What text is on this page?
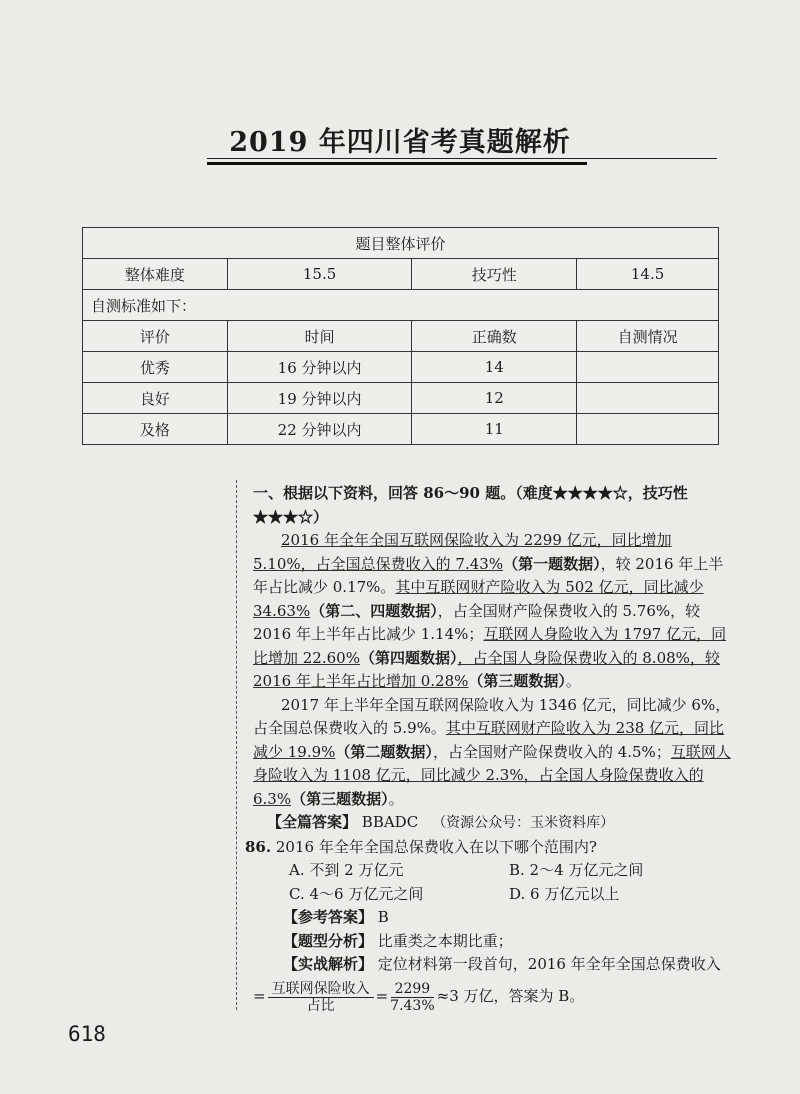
2019 年四川省考真题解析
题目整体评价			
整体难度	15.5	技巧性	14.5
自测标准如下：			
评价	时间	正确数	自测情况
优秀	16 分钟以内	14	
良好	19 分钟以内	12	
及格	22 分钟以内	11	

一、根据以下资料，回答 86～90 题。（难度★★★★☆，技巧性★★★☆）

2016 年全年全国互联网保险收入为 2299 亿元，同比增加5.10%，占全国总保费收入的 7.43%（第一题数据），较 2016 年上半年占比减少 0.17%。其中互联网财产险收入为 502 亿元，同比减少 34.63%（第二、四题数据），占全国财产险保费收入的 5.76%，较 2016 年上半年占比减少 1.14%；互联网人身险收入为 1797 亿元，同比增加 22.60%（第四题数据），占全国人身险保费收入的 8.08%，较 2016 年上半年占比增加 0.28%（第三题数据）。

2017 年上半年全国互联网保险收入为 1346 亿元，同比减少 6%，占全国总保费收入的 5.9%。其中互联网财产险收入为 238 亿元，同比减少 19.9%（第二题数据），占全国财产险保费收入的 4.5%；互联网人身险收入为 1108 亿元，同比减少 2.3%，占全国人身险保费收入的 6.3%（第三题数据）。

【全篇答案】 BBADC （资源公众号：玉米资料库）

86. 2016 年全年全国总保费收入在以下哪个范围内?

A. 不到 2 万亿元	B. 2～4 万亿元之间
C. 4～6 万亿元之间	D. 6 万亿元以上

【参考答案】 B

【题型分析】 比重类之本期比重；

【实战解析】 定位材料第一段首句，2016 年全年全国总保费收入

= $\frac{\text{互联网保险收入}}{\text{占比}} = \frac{2299}{7.43\%} \approx 3$ 万亿，答案为 B。
618
